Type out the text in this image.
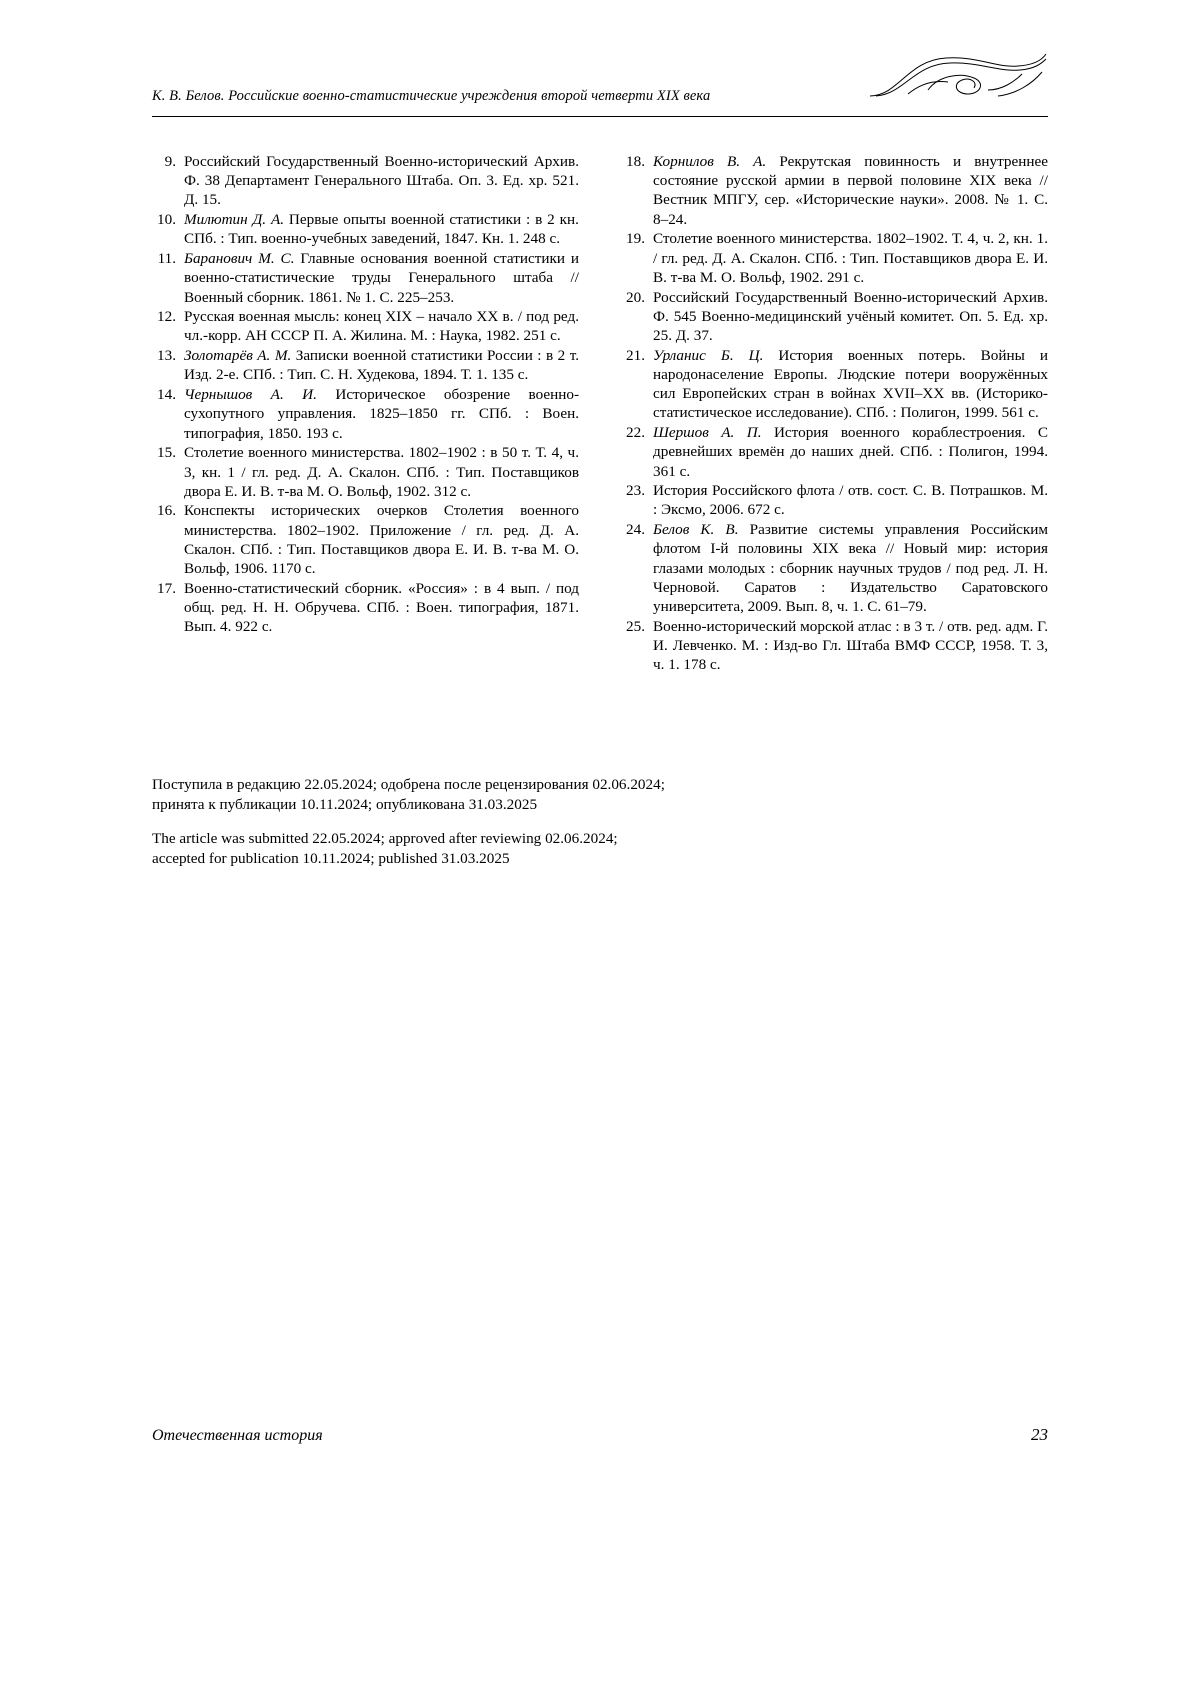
К. В. Белов. Российские военно-статистические учреждения второй четверти XIX века
9. Российский Государственный Военно-исторический Архив. Ф. 38 Департамент Генерального Штаба. Оп. 3. Ед. хр. 521. Д. 15.
10. Милютин Д. А. Первые опыты военной статистики : в 2 кн. СПб. : Тип. военно-учебных заведений, 1847. Кн. 1. 248 с.
11. Баранович М. С. Главные основания военной статистики и военно-статистические труды Генерального штаба // Военный сборник. 1861. № 1. С. 225–253.
12. Русская военная мысль: конец XIX – начало XX в. / под ред. чл.-корр. АН СССР П. А. Жилина. М. : Наука, 1982. 251 с.
13. Золотарёв А. М. Записки военной статистики России : в 2 т. Изд. 2-е. СПб. : Тип. С. Н. Худекова, 1894. Т. 1. 135 с.
14. Чернышов А. И. Историческое обозрение военно-сухопутного управления. 1825–1850 гг. СПб. : Воен. типография, 1850. 193 с.
15. Столетие военного министерства. 1802–1902 : в 50 т. Т. 4, ч. 3, кн. 1 / гл. ред. Д. А. Скалон. СПб. : Тип. Поставщиков двора Е. И. В. т-ва М. О. Вольф, 1902. 312 с.
16. Конспекты исторических очерков Столетия военного министерства. 1802–1902. Приложение / гл. ред. Д. А. Скалон. СПб. : Тип. Поставщиков двора Е. И. В. т-ва М. О. Вольф, 1906. 1170 с.
17. Военно-статистический сборник. «Россия» : в 4 вып. / под общ. ред. Н. Н. Обручева. СПб. : Воен. типография, 1871. Вып. 4. 922 с.
18. Корнилов В. А. Рекрутская повинность и внутреннее состояние русской армии в первой половине XIX века // Вестник МПГУ, сер. «Исторические науки». 2008. № 1. С. 8–24.
19. Столетие военного министерства. 1802–1902. Т. 4, ч. 2, кн. 1. / гл. ред. Д. А. Скалон. СПб. : Тип. Поставщиков двора Е. И. В. т-ва М. О. Вольф, 1902. 291 с.
20. Российский Государственный Военно-исторический Архив. Ф. 545 Военно-медицинский учёный комитет. Оп. 5. Ед. хр. 25. Д. 37.
21. Урланис Б. Ц. История военных потерь. Войны и народонаселение Европы. Людские потери вооружённых сил Европейских стран в войнах XVII–XX вв. (Историко-статистическое исследование). СПб. : Полигон, 1999. 561 с.
22. Шершов А. П. История военного кораблестроения. С древнейших времён до наших дней. СПб. : Полигон, 1994. 361 с.
23. История Российского флота / отв. сост. С. В. Потрашков. М. : Эксмо, 2006. 672 с.
24. Белов К. В. Развитие системы управления Российским флотом I-й половины XIX века // Новый мир: история глазами молодых : сборник научных трудов / под ред. Л. Н. Черновой. Саратов : Издательство Саратовского университета, 2009. Вып. 8, ч. 1. С. 61–79.
25. Военно-исторический морской атлас : в 3 т. / отв. ред. адм. Г. И. Левченко. М. : Изд-во Гл. Штаба ВМФ СССР, 1958. Т. 3, ч. 1. 178 с.

Поступила в редакцию 22.05.2024; одобрена после рецензирования 02.06.2024;
принята к публикации 10.11.2024; опубликована 31.03.2025

The article was submitted 22.05.2024; approved after reviewing 02.06.2024;
accepted for publication 10.11.2024; published 31.03.2025

Отечественная история	23
